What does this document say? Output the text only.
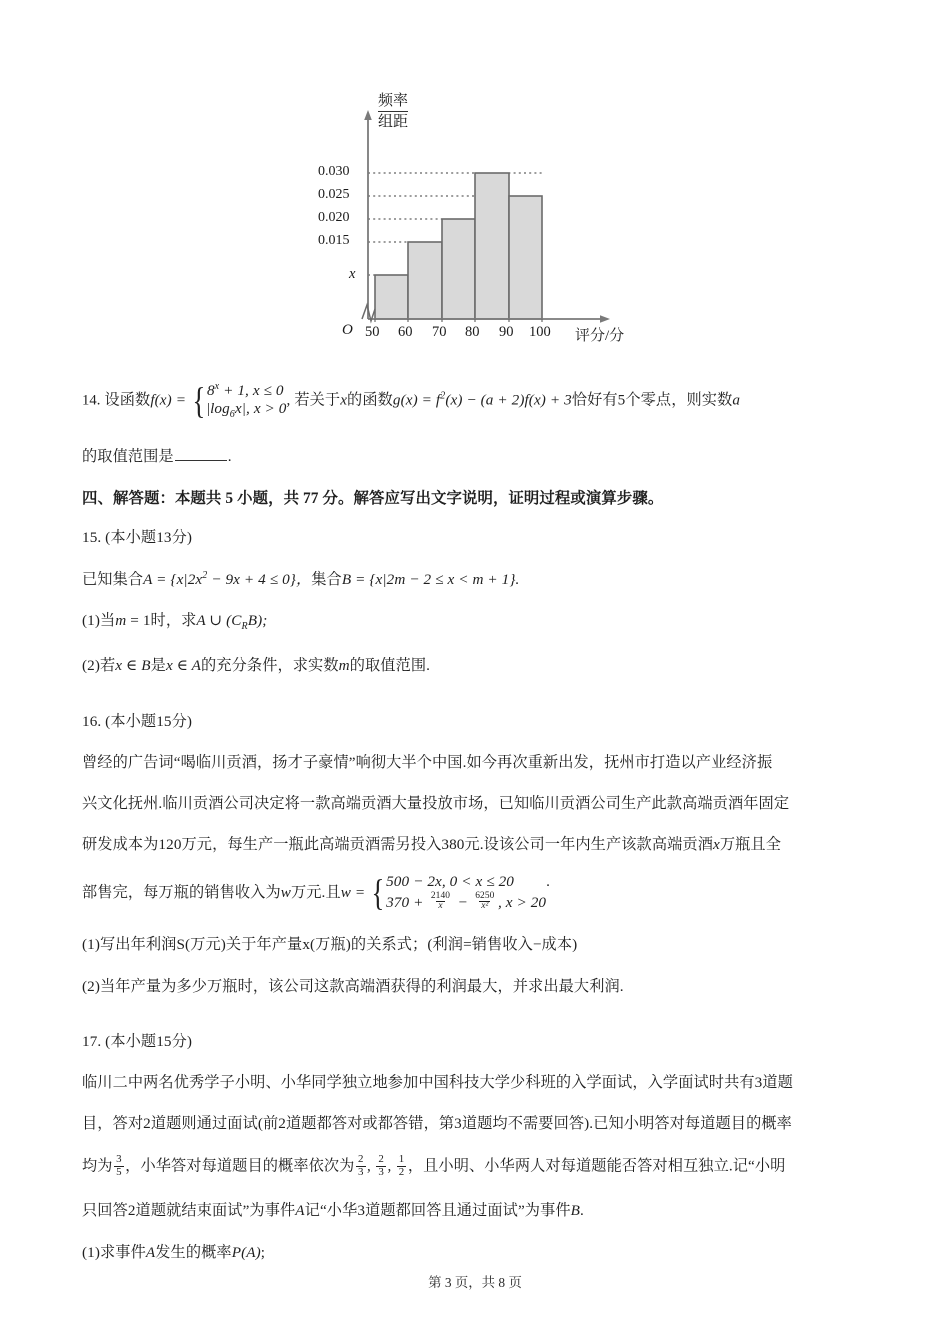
0.030
0.025
0.020
0.015
x
50 60 70 80 90 100
O	评分/分
频率
组距
14. 设函数f(x) = { $8^x + 1$, x ≤ 0
$|\log_6x|$, x > 0
, 若关于x的函数$g(x) = f^2(x) - (a + 2)f(x) + 3$恰好有5个零点，则实数a
的取值范围是	.
四、解答题：本题共 5 小题，共 77 分。解答应写出文字说明，证明过程或演算步骤。
15. (本小题13分)
已知集合$A = \{x|2x^2 - 9x + 4 \le 0\}$，集合B = {x|2m − 2 ≤ x < m + 1}.
(1)当m = 1时，求A ∪ $(C_RB)$;
(2)若x ∈ B是x ∈ A的充分条件，求实数m的取值范围.
16. (本小题15分)
曾经的广告词“喝临川贡酒，扬才子豪情”响彻大半个中国.如今再次重新出发，抚州市打造以产业经济振
兴文化抚州.临川贡酒公司决定将一款高端贡酒大量投放市场，已知临川贡酒公司生产此款高端贡酒年固定
研发成本为120万元，每生产一瓶此高端贡酒需另投入380元.设该公司一年内生产该款高端贡酒x万瓶且全
部售完，每万瓶的销售收入为w万元.且w = { 500 − 2x, 0 < x ≤ 20
$370 + \frac{2140}{x} - \frac{6250}{\text{x²}}$ , x > 20
.
(1)写出年利润S(万元)关于年产量x(万瓶)的关系式；(利润=销售收入−成本)
(2)当年产量为多少万瓶时，该公司这款高端酒获得的利润最大，并求出最大利润.
17. (本小题15分)
临川二中两名优秀学子小明、小华同学独立地参加中国科技大学少科班的入学面试，入学面试时共有3道题
目，答对2道题则通过面试(前2道题都答对或都答错，第3道题均不需要回答).已知小明答对每道题目的概率
均为 $\frac{3}{5}$ ，小华答对每道题目的概率依次为 $\frac{2}{3}$ , $\frac{2}{3}$ , $\frac{1}{2}$ ，且小明、小华两人对每道题能否答对相互独立.记“小明
只回答2道题就结束面试”为事件A记“小华3道题都回答且通过面试”为事件B.
(1)求事件A发生的概率P(A);
第 3 页，共 8 页
